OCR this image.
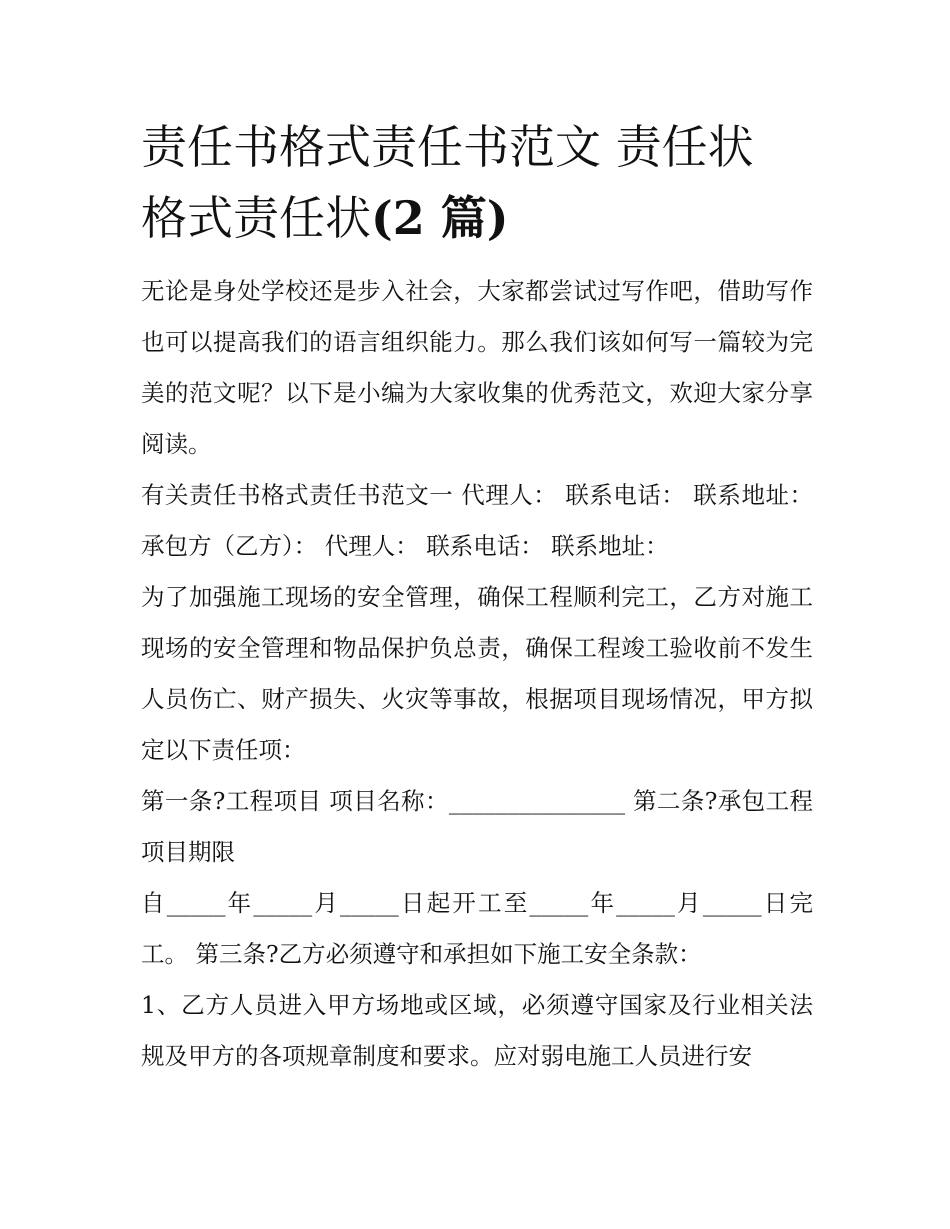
责任书格式责任书范文 责任状
格式责任状(2 篇)

无论是身处学校还是步入社会，大家都尝试过写作吧，借助写作也可以提高我们的语言组织能力。那么我们该如何写一篇较为完美的范文呢？以下是小编为大家收集的优秀范文，欢迎大家分享阅读。

有关责任书格式责任书范文一 代理人： 联系电话： 联系地址： 承包方（乙方）： 代理人： 联系电话： 联系地址：

为了加强施工现场的安全管理，确保工程顺利完工，乙方对施工现场的安全管理和物品保护负总责，确保工程竣工验收前不发生人员伤亡、财产损失、火灾等事故，根据项目现场情况，甲方拟定以下责任项：

第一条?工程项目 项目名称：_______________ 第二条?承包工程项目期限

自_____年_____月_____日起开工至_____年_____月_____日完工。 第三条?乙方必须遵守和承担如下施工安全条款：

1、乙方人员进入甲方场地或区域，必须遵守国家及行业相关法规及甲方的各项规章制度和要求。应对弱电施工人员进行安
